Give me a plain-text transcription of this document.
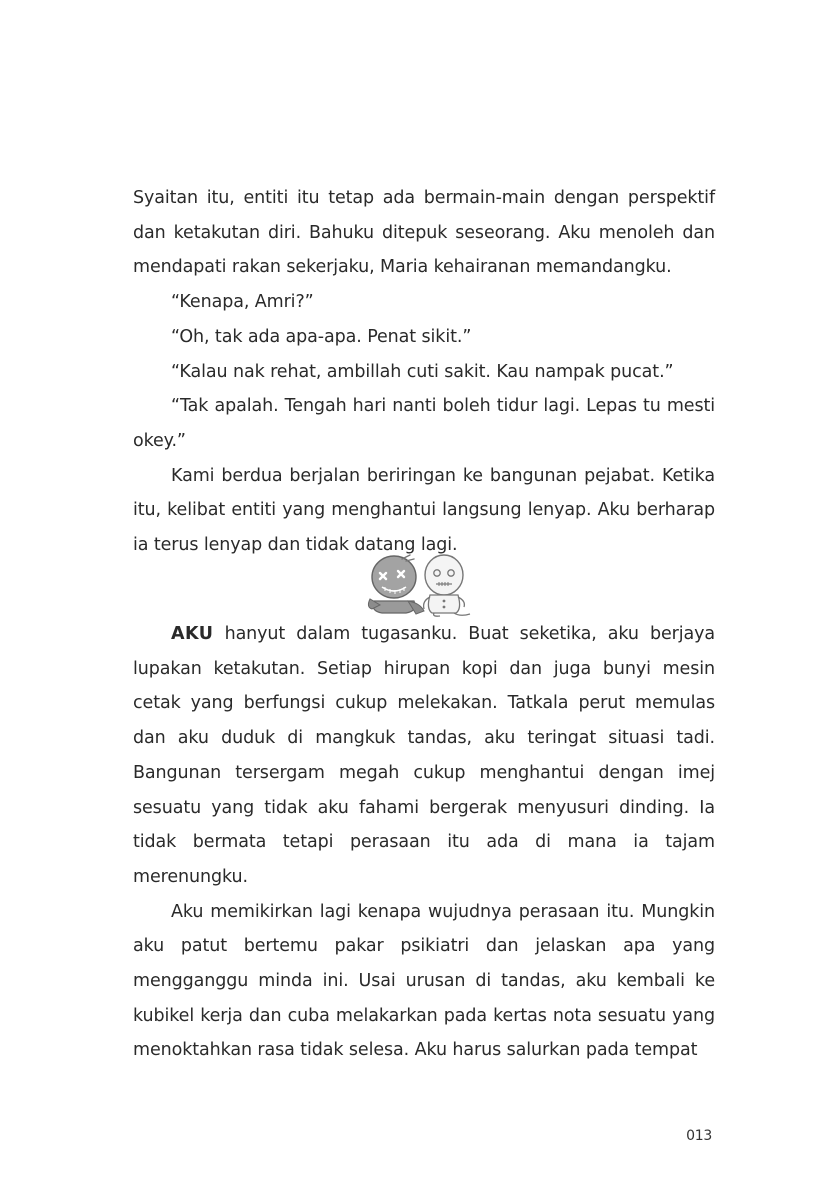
Syaitan itu, entiti itu tetap ada bermain-main dengan perspektif dan ketakutan diri. Bahuku ditepuk seseorang. Aku menoleh dan mendapati rakan sekerjaku, Maria kehairanan memandangku.

“Kenapa, Amri?”

“Oh, tak ada apa-apa. Penat sikit.”

“Kalau nak rehat, ambillah cuti sakit. Kau nampak pucat.”

“Tak apalah. Tengah hari nanti boleh tidur lagi. Lepas tu mesti okey.”

Kami berdua berjalan beriringan ke bangunan pejabat. Ketika itu, kelibat entiti yang menghantui langsung lenyap. Aku berharap ia terus lenyap dan tidak datang lagi.

AKU hanyut dalam tugasanku. Buat seketika, aku berjaya lupakan ketakutan. Setiap hirupan kopi dan juga bunyi mesin cetak yang berfungsi cukup melekakan. Tatkala perut memulas dan aku duduk di mangkuk tandas, aku teringat situasi tadi. Bangunan tersergam megah cukup menghantui dengan imej sesuatu yang tidak aku fahami bergerak menyusuri dinding. Ia tidak bermata tetapi perasaan itu ada di mana ia tajam merenungku.

Aku memikirkan lagi kenapa wujudnya perasaan itu. Mungkin aku patut bertemu pakar psikiatri dan jelaskan apa yang mengganggu minda ini. Usai urusan di tandas, aku kembali ke kubikel kerja dan cuba melakarkan pada kertas nota sesuatu yang menoktahkan rasa tidak selesa. Aku harus salurkan pada tempat

013
